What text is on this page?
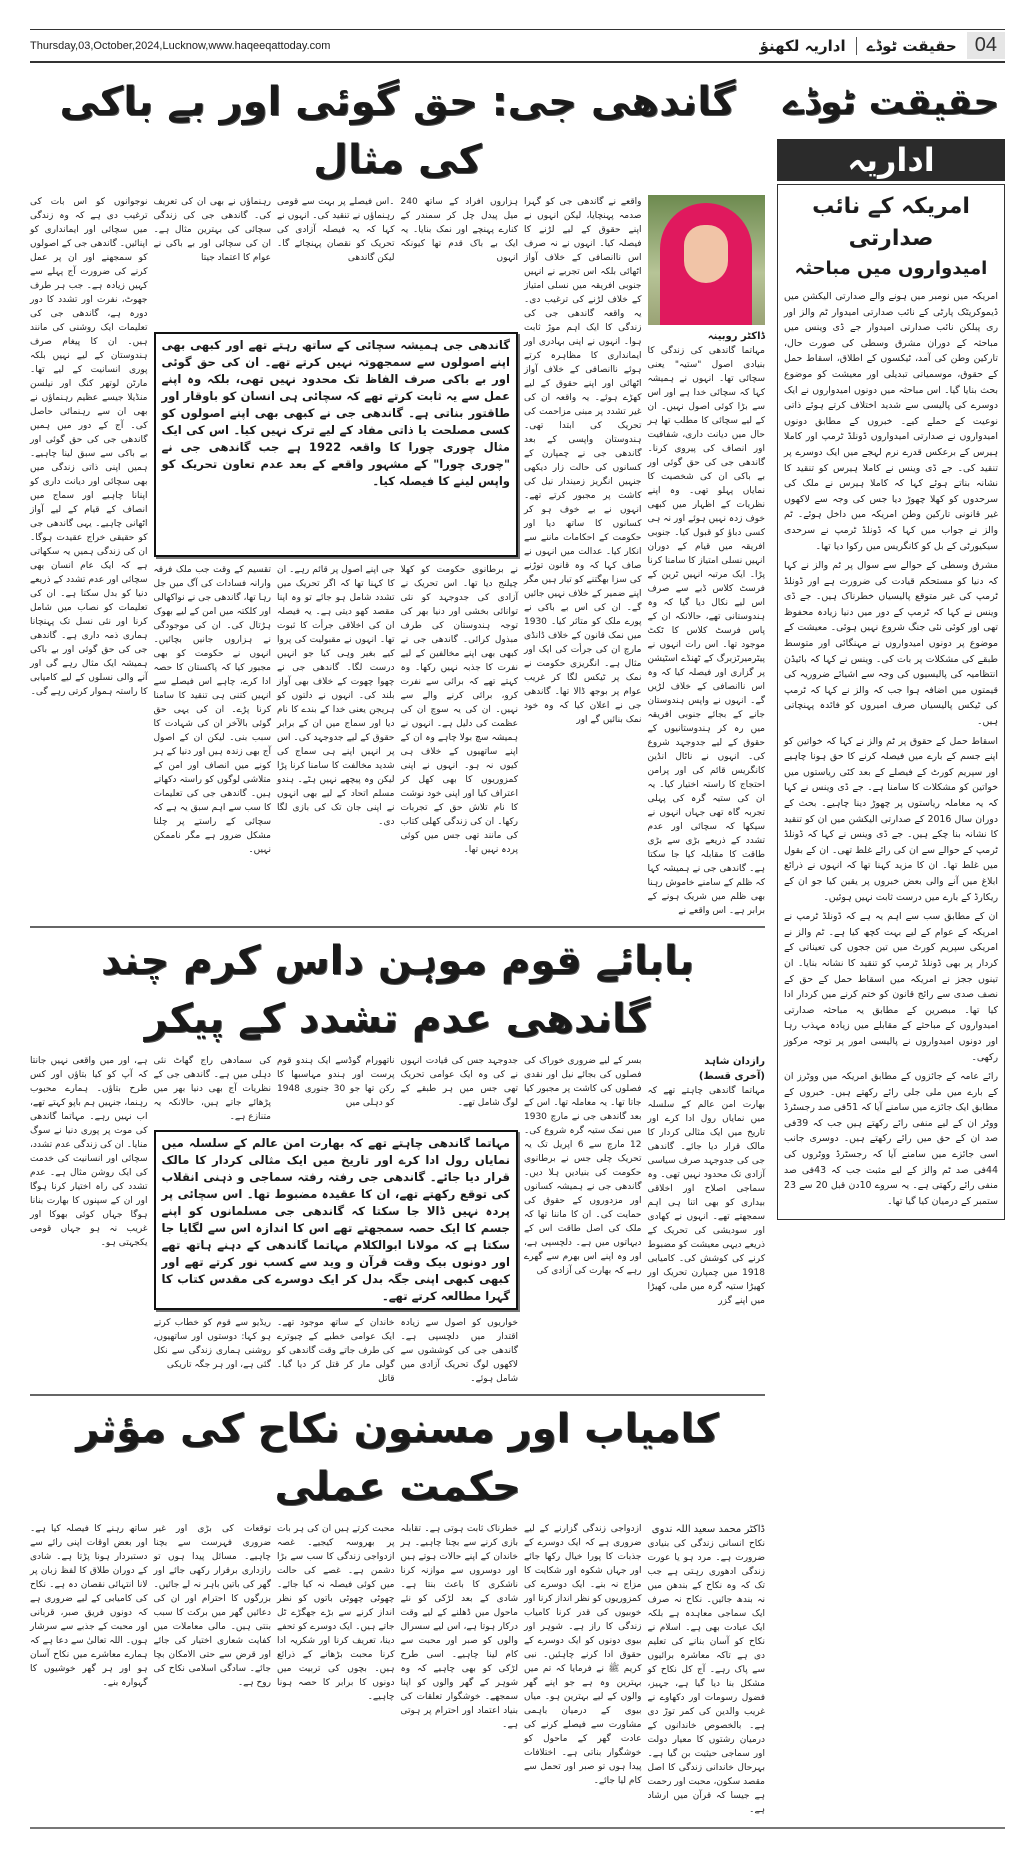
Thursday,03,October,2024,Lucknow,www.haqeeqattoday.com	04
حقیقت ٹوڈے
اداریہ لکھنؤ
حقیقت ٹوڈے
اداریہ
امریکہ کے نائب صدارتی
امیدواروں میں مباحثہ

امریکہ میں نومبر میں ہونے والے صدارتی الیکشن میں ڈیموکریٹک پارٹی کے نائب صدارتی امیدوار ٹم والز اور ری پبلکن نائب صدارتی امیدوار جے ڈی وینس میں مباحثہ کے دوران مشرق وسطی کی صورت حال، تارکین وطن کی آمد، ٹیکسوں کے اطلاق، اسقاط حمل کے حقوق، موسمیاتی تبدیلی اور معیشت کو موضوع بحث بنایا گیا۔ اس مباحثہ میں دونوں امیدواروں نے ایک دوسرے کی پالیسی سے شدید اختلاف کرتے ہوئے ذاتی نوعیت کے حملے کیے۔ خبروں کے مطابق دونوں امیدواروں نے صدارتی امیدواروں ڈونلڈ ٹرمپ اور کاملا ہیرس کے برعکس قدرے نرم لہجے میں ایک دوسرے پر تنقید کی۔ جے ڈی وینس نے کاملا ہیرس کو تنقید کا نشانہ بناتے ہوئے کہا کہ کاملا ہیرس نے ملک کی سرحدوں کو کھلا چھوڑ دیا جس کی وجہ سے لاکھوں غیر قانونی تارکین وطن امریکہ میں داخل ہوئے۔ ٹم والز نے جواب میں کہا کہ ڈونلڈ ٹرمپ نے سرحدی سیکیورٹی کے بل کو کانگریس میں رکوا دیا تھا۔

مشرق وسطی کے حوالے سے سوال پر ٹم والز نے کہا کہ دنیا کو مستحکم قیادت کی ضرورت ہے اور ڈونلڈ ٹرمپ کی غیر متوقع پالیسیاں خطرناک ہیں۔ جے ڈی وینس نے کہا کہ ٹرمپ کے دور میں دنیا زیادہ محفوظ تھی اور کوئی نئی جنگ شروع نہیں ہوئی۔ معیشت کے موضوع پر دونوں امیدواروں نے مہنگائی اور متوسط طبقے کی مشکلات پر بات کی۔ وینس نے کہا کہ بائیڈن انتظامیہ کی پالیسیوں کی وجہ سے اشیائے ضروریہ کی قیمتوں میں اضافہ ہوا جب کہ والز نے کہا کہ ٹرمپ کی ٹیکس پالیسیاں صرف امیروں کو فائدہ پہنچاتی ہیں۔

اسقاط حمل کے حقوق پر ٹم والز نے کہا کہ خواتین کو اپنے جسم کے بارے میں فیصلہ کرنے کا حق ہونا چاہیے اور سپریم کورٹ کے فیصلے کے بعد کئی ریاستوں میں خواتین کو مشکلات کا سامنا ہے۔ جے ڈی وینس نے کہا کہ یہ معاملہ ریاستوں پر چھوڑ دینا چاہیے۔ بحث کے دوران سال 2016 کے صدارتی الیکشن میں ان کو تنقید کا نشانہ بنا چکے ہیں۔ جے ڈی وینس نے کہا کہ ڈونلڈ ٹرمپ کے حوالے سے ان کی رائے غلط تھی۔ ان کے بقول میں غلط تھا۔ ان کا مزید کہنا تھا کہ انہوں نے ذرائع ابلاغ میں آنے والی بعض خبروں پر یقین کیا جو ان کے ریکارڈ کے بارے میں درست ثابت نہیں ہوئیں۔

ان کے مطابق سب سے اہم یہ ہے کہ ڈونلڈ ٹرمپ نے امریکہ کے عوام کے لیے بہت کچھ کیا ہے۔ ٹم والز نے امریکی سپریم کورٹ میں تین ججوں کی تعیناتی کے کردار پر بھی ڈونلڈ ٹرمپ کو تنقید کا نشانہ بنایا۔ ان تینوں ججز نے امریکہ میں اسقاط حمل کے حق کے نصف صدی سے رائج قانون کو ختم کرنے میں کردار ادا کیا تھا۔ مبصرین کے مطابق یہ مباحثہ صدارتی امیدواروں کے مباحثے کے مقابلے میں زیادہ مہذب رہا اور دونوں امیدواروں نے پالیسی امور پر توجہ مرکوز رکھی۔

رائے عامہ کے جائزوں کے مطابق امریکہ میں ووٹرز ان کے بارے میں ملی جلی رائے رکھتے ہیں۔ خبروں کے مطابق ایک جائزے میں سامنے آیا کہ 51فی صد رجسٹرڈ ووٹر ان کے لیے منفی رائے رکھتے ہیں جب کہ 39فی صد ان کے حق میں رائے رکھتے ہیں۔ دوسری جانب اسی جائزے میں سامنے آیا کہ رجسٹرڈ ووٹروں کی 44فی صد ٹم والز کے لیے مثبت جب کہ 43فی صد منفی رائے رکھتی ہے۔ یہ سروے 10دن قبل 20 سے 23 ستمبر کے درمیان کیا گیا تھا۔

گاندھی جی: حق گوئی اور بے باکی کی مثال
ڈاکٹر روبینہ
مہاتما گاندھی کی زندگی کا بنیادی اصول "ستیہ" یعنی سچائی تھا۔ انہوں نے ہمیشہ کہا کہ سچائی خدا ہے اور اس سے بڑا کوئی اصول نہیں۔ ان کے لیے سچائی کا مطلب تھا ہر حال میں دیانت داری، شفافیت اور انصاف کی پیروی کرنا۔ گاندھی جی کی حق گوئی اور بے باکی ان کی شخصیت کا نمایاں پہلو تھی۔ وہ اپنے نظریات کے اظہار میں کبھی خوف زدہ نہیں ہوئے اور نہ ہی کسی دباؤ کو قبول کیا۔ جنوبی افریقہ میں قیام کے دوران انہیں نسلی امتیاز کا سامنا کرنا پڑا۔ ایک مرتبہ انہیں ٹرین کے فرسٹ کلاس ڈبے سے صرف اس لیے نکال دیا گیا کہ وہ ہندوستانی تھے، حالانکہ ان کے پاس فرسٹ کلاس کا ٹکٹ موجود تھا۔ اس رات انہوں نے پیٹرمیرٹزبرگ کے ٹھنڈے اسٹیشن پر گزاری اور فیصلہ کیا کہ وہ اس ناانصافی کے خلاف لڑیں گے۔ انہوں نے واپس ہندوستان جانے کے بجائے جنوبی افریقہ میں رہ کر ہندوستانیوں کے حقوق کے لیے جدوجہد شروع کی۔ انہوں نے ناٹال انڈین کانگریس قائم کی اور پرامن احتجاج کا راستہ اختیار کیا۔ یہ ان کی ستیہ گرہ کی پہلی تجربہ گاہ تھی جہاں انہوں نے سیکھا کہ سچائی اور عدم تشدد کے ذریعے بڑی سے بڑی طاقت کا مقابلہ کیا جا سکتا ہے۔ گاندھی جی نے ہمیشہ کہا کہ ظلم کے سامنے خاموش رہنا بھی ظلم میں شریک ہونے کے برابر ہے۔ اس واقعے نے
واقعے نے گاندھی جی کو گہرا صدمہ پہنچایا، لیکن انہوں نے اپنے حقوق کے لیے لڑنے کا فیصلہ کیا۔ انہوں نے نہ صرف اس ناانصافی کے خلاف آواز اٹھائی بلکہ اس تجربے نے انہیں جنوبی افریقہ میں نسلی امتیاز کے خلاف لڑنے کی ترغیب دی۔ یہ واقعہ گاندھی جی کی زندگی کا ایک اہم موڑ ثابت ہوا۔ انہوں نے اپنی بہادری اور ایمانداری کا مظاہرہ کرتے ہوئے ناانصافی کے خلاف آواز اٹھائی اور اپنے حقوق کے لیے کھڑے ہوئے۔ یہ واقعہ ان کی غیر تشدد پر مبنی مزاحمت کی تحریک کی ابتدا تھی۔ ہندوستان واپسی کے بعد گاندھی جی نے چمپارن کے کسانوں کی حالت زار دیکھی جنہیں انگریز زمیندار نیل کی کاشت پر مجبور کرتے تھے۔ انہوں نے بے خوف ہو کر کسانوں کا ساتھ دیا اور حکومت کے احکامات ماننے سے انکار کیا۔ عدالت میں انہوں نے صاف کہا کہ وہ قانون توڑنے کی سزا بھگتنے کو تیار ہیں مگر اپنے ضمیر کے خلاف نہیں جائیں گے۔ ان کی اس بے باکی نے پورے ملک کو متاثر کیا۔ 1930 میں نمک قانون کے خلاف ڈانڈی مارچ ان کی جرأت کی ایک اور مثال ہے۔ انگریزی حکومت نے نمک پر ٹیکس لگا کر غریب عوام پر بوجھ ڈالا تھا۔ گاندھی جی نے اعلان کیا کہ وہ خود نمک بنائیں گے اور
ہزاروں افراد کے ساتھ 240 میل پیدل چل کر سمندر کے کنارے پہنچے اور نمک بنایا۔ یہ ایک بے باک قدم تھا کیونکہ انہوں
۔اس فیصلے پر بہت سے قومی رہنماؤں نے تنقید کی۔ انہوں نے کہا کہ یہ فیصلہ آزادی کی تحریک کو نقصان پہنچائے گا۔ لیکن گاندھی
رہنماؤں نے بھی ان کی تعریف کی۔ گاندھی جی کی زندگی سچائی کی بہترین مثال ہے۔ ان کی سچائی اور بے باکی نے عوام کا اعتماد جیتا
گاندھی جی ہمیشہ سچائی کے ساتھ رہتے تھے اور کبھی بھی اپنے اصولوں سے سمجھوتہ نہیں کرتے تھے۔ ان کی حق گوئی اور بے باکی صرف الفاظ تک محدود نہیں تھی، بلکہ وہ اپنے عمل سے یہ ثابت کرتے تھے کہ سچائی ہی انسان کو باوقار اور طاقتور بناتی ہے۔ گاندھی جی نے کبھی بھی اپنے اصولوں کو کسی مصلحت یا ذاتی مفاد کے لیے ترک نہیں کیا۔ اس کی ایک مثال چوری چورا کا واقعہ 1922 ہے جب گاندھی جی نے "چوری چورا" کے مشہور واقعے کے بعد عدم تعاون تحریک کو واپس لینے کا فیصلہ کیا۔
نے برطانوی حکومت کو کھلا چیلنج دیا تھا۔ اس تحریک نے آزادی کی جدوجہد کو نئی توانائی بخشی اور دنیا بھر کی توجہ ہندوستان کی طرف مبذول کرائی۔ گاندھی جی نے کبھی بھی اپنے مخالفین کے لیے نفرت کا جذبہ نہیں رکھا۔ وہ کہتے تھے کہ برائی سے نفرت کرو، برائی کرنے والے سے نہیں۔ ان کی یہ سوچ ان کی عظمت کی دلیل ہے۔ انہوں نے ہمیشہ سچ بولا چاہے وہ ان کے اپنے ساتھیوں کے خلاف ہی کیوں نہ ہو۔ انہوں نے اپنی کمزوریوں کا بھی کھل کر اعتراف کیا اور اپنی خود نوشت کا نام تلاش حق کے تجربات رکھا۔ ان کی زندگی کھلی کتاب کی مانند تھی جس میں کوئی پردہ نہیں تھا۔
جی اپنے اصول پر قائم رہے۔ ان کا کہنا تھا کہ اگر تحریک میں تشدد شامل ہو جائے تو وہ اپنا مقصد کھو دیتی ہے۔ یہ فیصلہ ان کی اخلاقی جرأت کا ثبوت تھا۔ انہوں نے مقبولیت کی پروا کیے بغیر وہی کیا جو انہیں درست لگا۔ گاندھی جی نے چھوا چھوت کے خلاف بھی آواز بلند کی۔ انہوں نے دلتوں کو ہریجن یعنی خدا کے بندے کا نام دیا اور سماج میں ان کے برابر حقوق کے لیے جدوجہد کی۔ اس پر انہیں اپنے ہی سماج کی شدید مخالفت کا سامنا کرنا پڑا لیکن وہ پیچھے نہیں ہٹے۔ ہندو مسلم اتحاد کے لیے بھی انہوں نے اپنی جان تک کی بازی لگا دی۔
تقسیم کے وقت جب ملک فرقہ وارانہ فسادات کی آگ میں جل رہا تھا، گاندھی جی نے نواکھالی اور کلکتہ میں امن کے لیے بھوک ہڑتال کی۔ ان کی موجودگی نے ہزاروں جانیں بچائیں۔ انہوں نے حکومت کو بھی مجبور کیا کہ پاکستان کا حصہ ادا کرے، چاہے اس فیصلے سے انہیں کتنی ہی تنقید کا سامنا کرنا پڑے۔ ان کی یہی حق گوئی بالآخر ان کی شہادت کا سبب بنی۔ لیکن ان کے اصول آج بھی زندہ ہیں اور دنیا کے ہر کونے میں انصاف اور امن کے متلاشی لوگوں کو راستہ دکھاتے ہیں۔ گاندھی جی کی تعلیمات کا سب سے اہم سبق یہ ہے کہ سچائی کے راستے پر چلنا مشکل ضرور ہے مگر ناممکن نہیں۔
نوجوانوں کو اس بات کی ترغیب دی ہے کہ وہ زندگی میں سچائی اور ایمانداری کو اپنائیں۔ گاندھی جی کے اصولوں کو سمجھنے اور ان پر عمل کرنے کی ضرورت آج پہلے سے کہیں زیادہ ہے۔ جب ہر طرف جھوٹ، نفرت اور تشدد کا دور دورہ ہے، گاندھی جی کی تعلیمات ایک روشنی کی مانند ہیں۔ ان کا پیغام صرف ہندوستان کے لیے نہیں بلکہ پوری انسانیت کے لیے تھا۔ مارٹن لوتھر کنگ اور نیلسن منڈیلا جیسے عظیم رہنماؤں نے بھی ان سے رہنمائی حاصل کی۔ آج کے دور میں ہمیں گاندھی جی کی حق گوئی اور بے باکی سے سبق لینا چاہیے۔ ہمیں اپنی ذاتی زندگی میں بھی سچائی اور دیانت داری کو اپنانا چاہیے اور سماج میں انصاف کے قیام کے لیے آواز اٹھانی چاہیے۔ یہی گاندھی جی کو حقیقی خراج عقیدت ہوگا۔ ان کی زندگی ہمیں یہ سکھاتی ہے کہ ایک عام انسان بھی سچائی اور عدم تشدد کے ذریعے دنیا کو بدل سکتا ہے۔ ان کی تعلیمات کو نصاب میں شامل کرنا اور نئی نسل تک پہنچانا ہماری ذمہ داری ہے۔ گاندھی جی کی حق گوئی اور بے باکی ہمیشہ ایک مثال رہے گی اور آنے والی نسلوں کے لیے کامیابی کا راستہ ہموار کرتی رہے گی۔
بابائے قوم موہن داس کرم چند گاندھی عدم تشدد کے پیکر
رازدان شاہد
(آخری قسط)
مہاتما گاندھی چاہتے تھے کہ بھارت امن عالم کے سلسلہ میں نمایاں رول ادا کرے اور تاریخ میں ایک مثالی کردار کا مالک قرار دیا جائے۔ گاندھی جی کی جدوجہد صرف سیاسی آزادی تک محدود نہیں تھی۔ وہ سماجی اصلاح اور اخلاقی بیداری کو بھی اتنا ہی اہم سمجھتے تھے۔ انہوں نے کھادی اور سودیشی کی تحریک کے ذریعے دیہی معیشت کو مضبوط کرنے کی کوشش کی۔ کامیابی 1918 میں چمپارن تحریک اور کھیڑا ستیہ گرہ میں ملی، کھیڑا میں اپنے گزر
بسر کے لیے ضروری خوراک کی فصلوں کی بجائے نیل اور نقدی فصلوں کی کاشت پر مجبور کیا جاتا تھا۔ یہ معاملہ تھا۔ اس کے بعد گاندھی جی نے مارچ 1930 میں نمک ستیہ گرہ شروع کی۔ 12 مارچ سے 6 اپریل تک یہ تحریک چلی جس نے برطانوی حکومت کی بنیادیں ہلا دیں۔ گاندھی جی نے ہمیشہ کسانوں اور مزدوروں کے حقوق کی حمایت کی۔ ان کا ماننا تھا کہ ملک کی اصل طاقت اس کے دیہاتوں میں ہے۔ دلچسپی ہے، اور وہ اپنے اس بھرم سے گھرے رہے کہ بھارت کی آزادی کی
جدوجہد جس کی قیادت انہوں نے کی وہ ایک عوامی تحریک تھی جس میں ہر طبقے کے لوگ شامل تھے۔
ناتھورام گوڈسے ایک ہندو قوم پرست اور ہندو مہاسبھا کا رکن تھا جو 30 جنوری 1948 کو دہلی میں
کی سمادھی راج گھاٹ نئی دہلی میں ہے۔ گاندھی جی کے نظریات آج بھی دنیا بھر میں پڑھائے جاتے ہیں، حالانکہ یہ متنازع ہے۔
مہاتما گاندھی چاہتے تھے کہ بھارت امن عالم کے سلسلہ میں نمایاں رول ادا کرے اور تاریخ میں ایک مثالی کردار کا مالک قرار دیا جائے۔ گاندھی جی رفتہ رفتہ سماجی و ذہنی انقلاب کی توقع رکھتے تھے، ان کا عقیدہ مضبوط تھا۔ اس سچائی پر پردہ نہیں ڈالا جا سکتا کہ گاندھی جی مسلمانوں کو اپنے جسم کا ایک حصہ سمجھتے تھے اس کا اندازہ اس سے لگایا جا سکتا ہے کہ مولانا ابوالکلام مہاتما گاندھی کے دہنے ہاتھ تھے اور دونوں بیک وقت قرآن و وید سے کسب نور کرتے تھے اور کبھی کبھی اپنی جگہ بدل کر ایک دوسرے کی مقدس کتاب کا گہرا مطالعہ کرتے تھے۔
خواریوں کو اصول سے زیادہ اقتدار میں دلچسپی ہے۔ گاندھی جی کی کوششوں سے لاکھوں لوگ تحریک آزادی میں شامل ہوئے۔
خاندان کے ساتھ موجود تھے۔ ایک عوامی خطبے کے چبوترے کی طرف جاتے وقت گاندھی کو گولی مار کر قتل کر دیا گیا۔ قاتل
ریڈیو سے قوم کو خطاب کرتے ہو کہا: دوستوں اور ساتھیوں، روشنی ہماری زندگی سے نکل گئی ہے، اور ہر جگہ تاریکی
ہے، اور میں واقعی نہیں جانتا کہ آپ کو کیا بتاؤں اور کس طرح بتاؤں۔ ہمارے محبوب رہنما، جنہیں ہم باپو کہتے تھے، اب نہیں رہے۔ مہاتما گاندھی کی موت پر پوری دنیا نے سوگ منایا۔ ان کی زندگی عدم تشدد، سچائی اور انسانیت کی خدمت کی ایک روشن مثال ہے۔ عدم تشدد کی راہ اختیار کرنا ہوگا اور ان کے سپنوں کا بھارت بنانا ہوگا جہاں کوئی بھوکا اور غریب نہ ہو جہاں قومی یکجہتی ہو۔
کامیاب اور مسنون نکاح کی مؤثر حکمت عملی
ڈاکٹر محمد سعید اللہ ندوی
نکاح انسانی زندگی کی بنیادی ضرورت ہے۔ مرد ہو یا عورت زندگی ادھوری رہتی ہے جب تک کہ وہ نکاح کے بندھن میں نہ بندھ جائیں۔ نکاح نہ صرف ایک سماجی معاہدہ ہے بلکہ ایک عبادت بھی ہے۔ اسلام نے نکاح کو آسان بنانے کی تعلیم دی ہے تاکہ معاشرہ برائیوں سے پاک رہے۔ آج کل نکاح کو مشکل بنا دیا گیا ہے، جہیز، فضول رسومات اور دکھاوے نے غریب والدین کی کمر توڑ دی ہے۔ بالخصوص خاندانوں کے درمیان رشتوں کا معیار دولت اور سماجی حیثیت بن گیا ہے۔ بہرحال خاندانی زندگی کا اصل مقصد سکون، محبت اور رحمت ہے جیسا کہ قرآن میں ارشاد ہے۔
ازدواجی زندگی گزارنے کے لیے ضروری ہے کہ ایک دوسرے کے جذبات کا پورا خیال رکھا جائے اور جہاں شکوہ اور شکایت کا مزاج نہ بنے۔ ایک دوسرے کی کمزوریوں کو نظر انداز کرنا اور خوبیوں کی قدر کرنا کامیاب زندگی کا راز ہے۔ شوہر اور بیوی دونوں کو ایک دوسرے کے حقوق ادا کرنے چاہئیں۔ نبی کریم ﷺ نے فرمایا کہ تم میں بہترین وہ ہے جو اپنے گھر والوں کے لیے بہترین ہو۔ میاں بیوی کے درمیان باہمی مشاورت سے فیصلے کرنے کی عادت گھر کے ماحول کو خوشگوار بناتی ہے۔ اختلافات پیدا ہوں تو صبر اور تحمل سے کام لیا جائے۔
خطرناک ثابت ہوتی ہے۔ تقابلہ بازی کرنے سے بچنا چاہیے۔ ہر خاندان کے اپنے حالات ہوتے ہیں اور دوسروں سے موازنہ کرنا ناشکری کا باعث بنتا ہے۔ شادی کے بعد لڑکی کو نئے ماحول میں ڈھلنے کے لیے وقت درکار ہوتا ہے، اس لیے سسرال والوں کو صبر اور محبت سے کام لینا چاہیے۔ اسی طرح لڑکی کو بھی چاہیے کہ وہ شوہر کے گھر والوں کو اپنا سمجھے۔ خوشگوار تعلقات کی بنیاد اعتماد اور احترام پر ہوتی ہے۔
محبت کرتے ہیں ان کی ہر بات پر بھروسہ کیجیے۔ غصہ ازدواجی زندگی کا سب سے بڑا دشمن ہے۔ غصے کی حالت میں کوئی فیصلہ نہ کیا جائے۔ چھوٹی چھوٹی باتوں کو نظر انداز کرنے سے بڑے جھگڑے ٹل جاتے ہیں۔ ایک دوسرے کو تحفے دینا، تعریف کرنا اور شکریہ ادا کرنا محبت بڑھانے کے ذرائع ہیں۔ بچوں کی تربیت میں دونوں کا برابر کا حصہ ہونا چاہیے۔
توقعات کی بڑی اور غیر ضروری فہرست سے بچنا چاہیے۔ مسائل پیدا ہوں تو رازداری برقرار رکھی جائے اور گھر کی باتیں باہر نہ لے جائیں۔ بزرگوں کا احترام اور ان کی دعائیں گھر میں برکت کا سبب بنتی ہیں۔ مالی معاملات میں کفایت شعاری اختیار کی جائے اور قرض سے حتی الامکان بچا جائے۔ سادگی اسلامی نکاح کی روح ہے۔
ساتھ رہنے کا فیصلہ کیا ہے۔ اور بعض اوقات اپنی رائے سے دستبردار ہونا پڑتا ہے۔ شادی کے دوران طلاق کا لفظ زبان پر لانا انتہائی نقصان دہ ہے۔ نکاح کی کامیابی کے لیے ضروری ہے کہ دونوں فریق صبر، قربانی اور محبت کے جذبے سے سرشار ہوں۔ اللہ تعالیٰ سے دعا ہے کہ ہمارے معاشرے میں نکاح آسان ہو اور ہر گھر خوشیوں کا گہوارہ بنے۔
